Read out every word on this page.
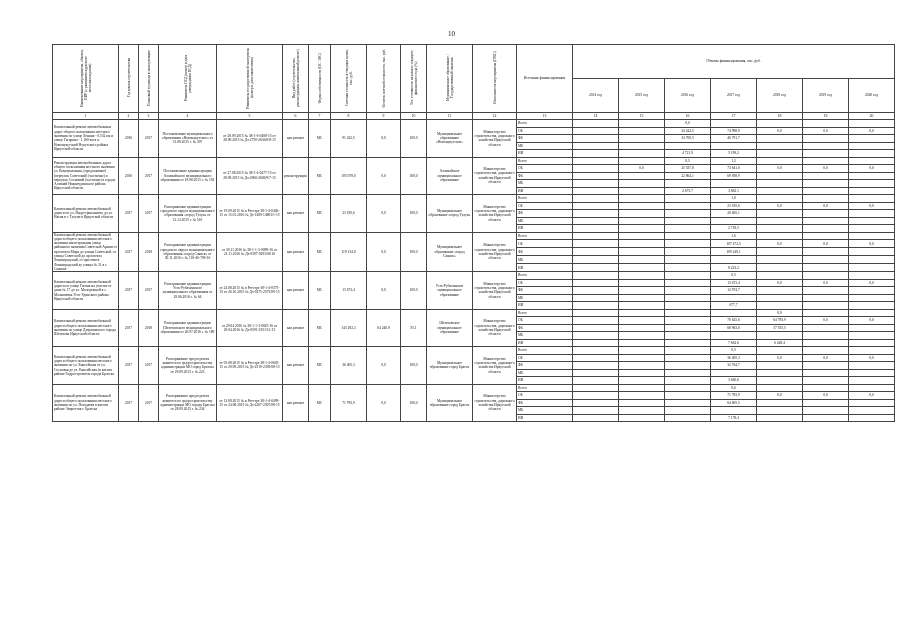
10
Наименование мероприятия, объекта, ПИР (с указанием адресного местонахождения)	Год начала строительства	Плановый год ввода в эксплуатацию	Реквизиты ПСД (номер и дата утверждения ПСД)	Реквизиты государственной экспертизы (номер и дата заключения)	Вид работ (строительство, реконструкция, капитальный ремонт)	Форма собственности (ОС / МС)	Сметная стоимость в текущих ценах, тыс. руб.	Остаток сметной стоимости, тыс. руб.	Тех. готовность на начало текущего финансового года (%)	Муниципальное образование / Государственный заказчик	Исполнитель мероприятия (ГРБС)	Источник финансирования	Объемы финансирования, тыс. руб.						
													2014 год	2015 год	2016 год	2017 год	2018 год	2019 год	2020 год
1	2	3	4	5	6	7	8	9	10	11	12	13	14	15	16	17	18	19	20
Капитальный ремонт автомобильных дорог общего пользования местного значения по улице Ленина - 0,532 км и улице Гагарина - 1,160 км в п. Новонукутский Нукутского района Иркутской области	2016	2017	Постановление муниципального образования «Новонукутское» от 31.08.2015 г. № 307	от 28.09.2015 № 38-1-6-0480-15 от 28.09.2015 № Дз-2750-2636/6/8-15	кап.ремонт	МС	91 422,5	0,0	100,0	Муниципальное образование «Новонукутское»	Министерство строительства, дорожного хозяйства Иркутской области	Всего			0,0				
												ОБ			34 422,5	74 998,9	0,0	0,0	0,0
												ФБ			34 700,5	46 791,7			
												МБ							
												ИИ			4 721,9	5 199,2			
Реконструкция автомобильных дорог общего пользования местного значения ул. Коммунальная, (продолжение) (переулок Советский) (частично) и переулок Сосновый (частично) в городе Алзамай Нижнеудинского района Иркутской области	2016	2017	Постановление администрации Алзамайского муниципального образования от 18.08.2015 г. № 192	от 27.08.2015 № 38-1-4-0477-15 от 28.09.2015 № Дз-2960-2606/9/7-15	реконструкция	МС	105 078,0	0,0	100,0	Алзамайское муниципальное образование	Министерство строительства, дорожного хозяйства Иркутской области	Всего			0,5	1,2			
												ОБ		0,0	25 537,8	73 641,0	0,0	0,0	0,0
												ФБ			22 864,1	69 958,9			
												МБ							
												ИИ			2 673,7	3 682,1			
Капитальный ремонт автомобильной дороги по ул. Индустриальному до ул. Нагия в г. Тулуне в Иркутской области	2017	2017	Распоряжение администрации городского округа муниципального образования «город Тулун» от 31.12.2015 г. № 510	от 19.09.2015 № в Реестре 38-1-4-0446-15 от 15.01.2016 № Дз-1489-14803/1-15	кап.ремонт	МС	23 185,6	0,0	100,0	Муниципальное образование «город Тулун»	Министерство строительства, дорожного хозяйства Иркутской области	Всего				1,0			
												ОБ				23 185,6	0,0	0,0	0,0
												ФБ				20 465,1			
												МБ							
												ИИ				2 718,5			
Капитальный ремонт автомобильной дороги общего пользования местного значения магистральная улица районного значения Советской Армии от проспекта Мира до улицы Советской, от улицы Советской до проспекта Ленинградский, от проспекта Ленинградский до улицы № 31 в г. Саянске	2017	2018	Распоряжение администрации городского округа муниципального образования «город Саянск» от 30.11.2016 г. № 110-46-709-16	от 30.11.2016 № 38-1-1-3-0099-16 от 21.11.2016 № Дз-0397-0293/08.16	кап.ремонт	МС	119 134,0	0,0	100,0	Муниципальное образование «город Саянск»	Министерство строительства, дорожного хозяйства Иркутской области	Всего				1,6			
												ОБ				107 472,5	0,0	0,0	0,0
												ФБ				109 249,1			
												МБ							
												ИИ				8 223,2			
Капитальный ремонт автомобильной дороги по улице Гагина на участке от дома № 17 до ул. Молодежной в с. Малышевка Усть-Удинского района Иркутской области	2017	2017	Распоряжение администрации Усть-Рубахинского муниципального образования от 29.06.2016 г. № 64	от 24.08.2015 № в Реестре 38-1-4-0375-15 от 26.10.2015 № Дз-0375-2575/09-15	кап.ремонт	МС	13 672,4	0,0	100,0	Усть-Рубахинское муниципальное образование	Министерство строительства, дорожного хозяйства Иркутской области	Всего				0,5			
												ОБ				13 672,4	0,0	0,0	0,0
												ФБ				12 974,7			
												МБ							
												ИИ				677,7			
Капитальный ремонт автомобильной дороги общего пользования местного значения по улице Дзержинского города Шелехова Иркутской области	2017	2018	Распоряжение администрации Шелеховского муниципального образования от 26.07.2016 г. № 189	от 29.04.2016 № 38-1-1-3-0025-16 от 29.04.2016 № Дз-0591-2551/12-15	кап.ремонт	МС	143 292,3	64 240,9	55,1	Шелеховское муниципальное образование	Министерство строительства, дорожного хозяйства Иркутской области	Всего					0,9		
												ОБ				76 625,6	64 783,9	0,0	0,0
												ФБ				68 963,0	57 555,5		
												МБ							
												ИИ				7 662,6	6 428,4		
Капитальный ремонт автомобильной дороги общего пользования местного значения по ул. Енисейская от ул. Сосновая до ул. Енисейская (в жилом районе Гидростроитель города Братска	2017	2017	Распоряжение председателя комитета по градостроительству администрации МО город Братска от 29.09.2015 г. № 223	от 05.08.2015 № в Реестре 38-1-4-0645-15 от 29.09.2015 № Дз-2319-2339/08-15	кап.ремонт	МС	36 405,3	0,0	100,0	Муниципальное образование город Братск	Министерство строительства, дорожного хозяйства Иркутской области	Всего				0,5			
												ОБ				36 405,3	0,0	0,0	0,0
												ФБ				32 764,7			
												МБ							
												ИИ				3 640,6			
Капитальный ремонт автомобильной дороги общего пользования местного значения по ул. Погодаева в жилом районе Энергетик г. Братска	2017	2017	Распоряжение председателя комитета по градостроительству администрации МО города Братска от 28.09.2015 г. № 234	от 12.08.2015 № в Реестре 38-1-4-0499-15 от 24.08.2015 № Дз-2207-2307/08-15	кап.ремонт	МС	71 783,9	0,0	100,0	Муниципальное образование город Братск	Министерство строительства, дорожного хозяйства Иркутской области	Всего				0,6			
												ОБ				71 783,9	0,0	0,0	0,0
												ФБ				64 605,5			
												МБ							
												ИИ				7 178,4			
